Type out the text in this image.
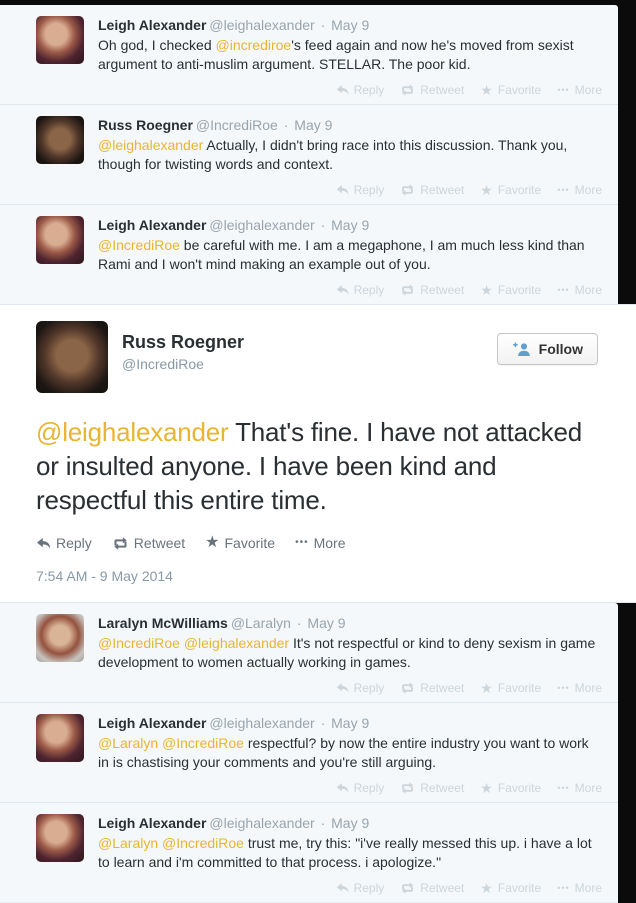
Leigh Alexander @leighalexander · May 9

Oh god, I checked @incrediroe's feed again and now he's moved from sexist argument to anti-muslim argument. STELLAR. The poor kid.

Reply	Retweet ★ Favorite ••• More
Russ Roegner @IncrediRoe · May 9

@leighalexander Actually, I didn't bring race into this discussion. Thank you, though for twisting words and context.

Reply	Retweet ★ Favorite ••• More
Leigh Alexander @leighalexander · May 9

@IncrediRoe be careful with me. I am a megaphone, I am much less kind than Rami and I won't mind making an example out of you.

Reply	Retweet ★ Favorite ••• More
Russ Roegner
@IncrediRoe
Follow

@leighalexander That's fine. I have not attacked or insulted anyone. I have been kind and respectful this entire time.

Reply	Retweet ★ Favorite ••• More
7:54 AM - 9 May 2014
Laralyn McWilliams @Laralyn · May 9

@IncrediRoe @leighalexander It's not respectful or kind to deny sexism in game development to women actually working in games.

Reply	Retweet ★ Favorite ••• More
Leigh Alexander @leighalexander · May 9

@Laralyn @IncrediRoe respectful? by now the entire industry you want to work in is chastising your comments and you're still arguing.

Reply	Retweet ★ Favorite ••• More
Leigh Alexander @leighalexander · May 9

@Laralyn @IncrediRoe trust me, try this: "i've really messed this up. i have a lot to learn and i'm committed to that process. i apologize."

Reply	Retweet ★ Favorite ••• More
